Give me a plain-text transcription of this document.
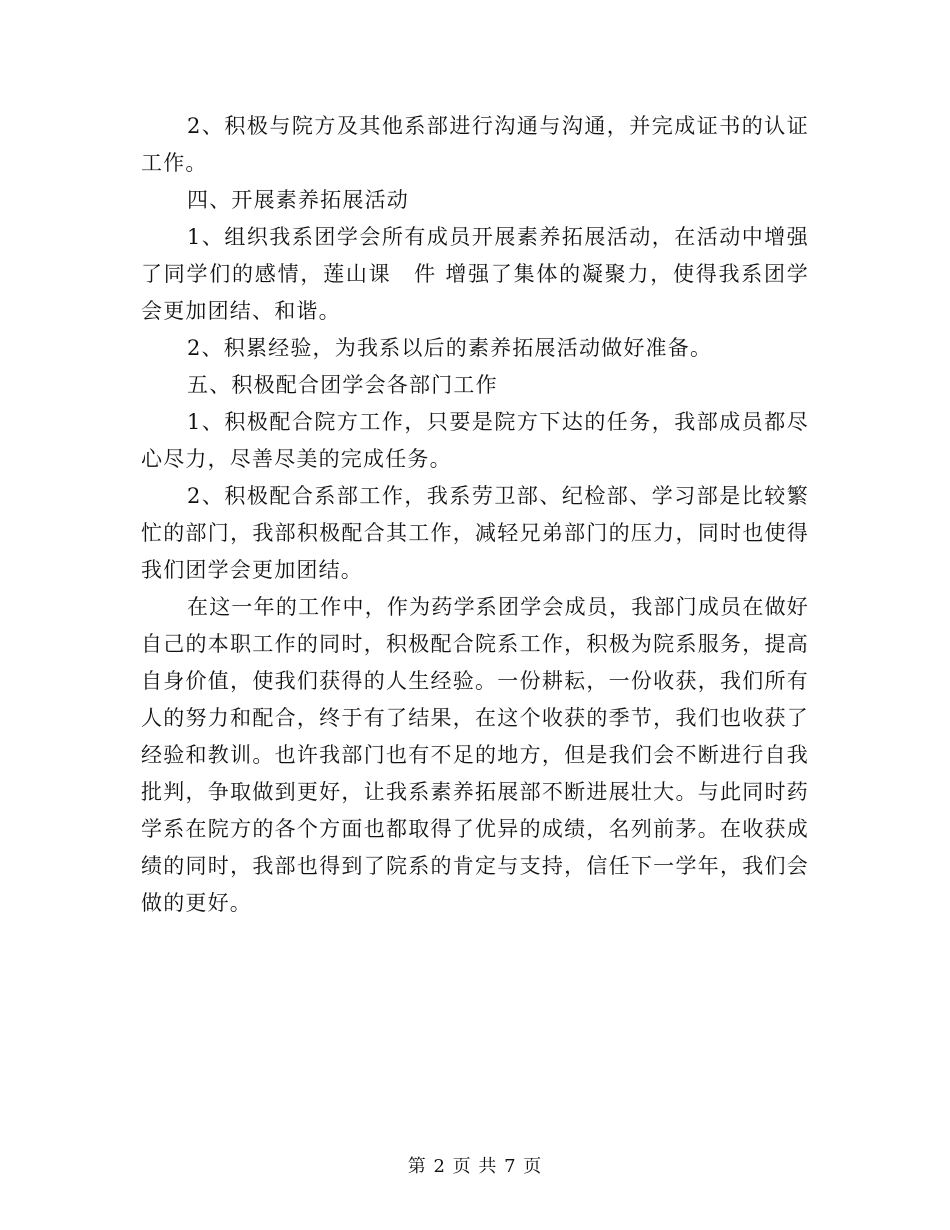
2、积极与院方及其他系部进行沟通与沟通，并完成证书的认证工作。

四、开展素养拓展活动

1、组织我系团学会所有成员开展素养拓展活动，在活动中增强了同学们的感情，莲山课　件 增强了集体的凝聚力，使得我系团学会更加团结、和谐。

2、积累经验，为我系以后的素养拓展活动做好准备。

五、积极配合团学会各部门工作

1、积极配合院方工作，只要是院方下达的任务，我部成员都尽心尽力，尽善尽美的完成任务。

2、积极配合系部工作，我系劳卫部、纪检部、学习部是比较繁忙的部门，我部积极配合其工作，减轻兄弟部门的压力，同时也使得我们团学会更加团结。

在这一年的工作中，作为药学系团学会成员，我部门成员在做好自己的本职工作的同时，积极配合院系工作，积极为院系服务，提高自身价值，使我们获得的人生经验。一份耕耘，一份收获，我们所有人的努力和配合，终于有了结果，在这个收获的季节，我们也收获了经验和教训。也许我部门也有不足的地方，但是我们会不断进行自我批判，争取做到更好，让我系素养拓展部不断进展壮大。与此同时药学系在院方的各个方面也都取得了优异的成绩，名列前茅。在收获成绩的同时，我部也得到了院系的肯定与支持，信任下一学年，我们会做的更好。

第 2 页 共 7 页
